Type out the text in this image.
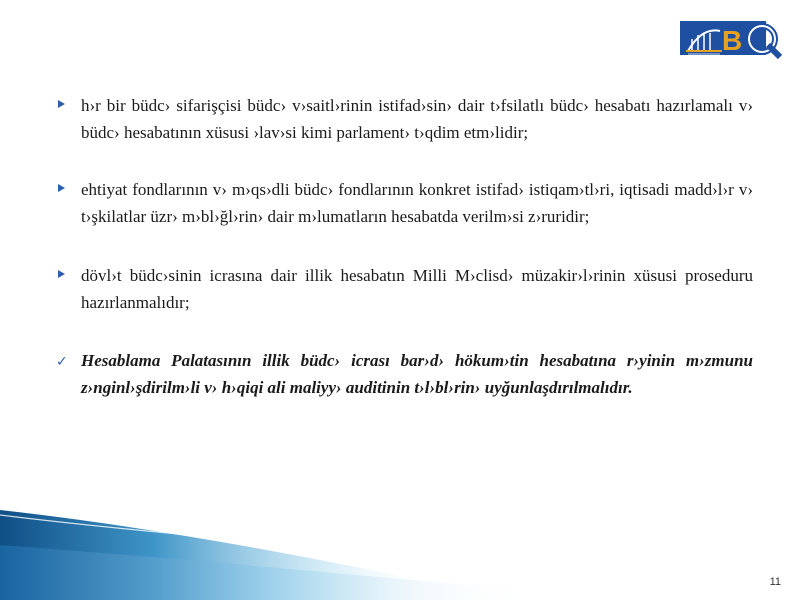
B
h›r bir büdc› sifarişçisi büdc› v›saitl›rinin istifad›sin› dair t›fsilatlı büdc› hesabatı hazırlamalı v› büdc› hesabatının xüsusi ›lav›si kimi parlament› t›qdim etm›lidir;
ehtiyat fondlarının v› m›qs›dli büdc› fondlarının konkret istifad› istiqam›tl›ri, iqtisadi madd›l›r v› t›şkilatlar üzr› m›bl›ğl›rin› dair m›lumatların hesabatda verilm›si z›ruridir;
dövl›t büdc›sinin icrasına dair illik hesabatın Milli M›clisd› müzakir›l›rinin xüsusi proseduru hazırlanmalıdır;
✓ Hesablama Palatasının illik büdc› icrası bar›d› hökum›tin hesabatına r›yinin m›zmunu z›nginl›şdirilm›li v› h›qiqi ali maliyy› auditinin t›l›bl›rin› uyğunlaşdırılmalıdır.
11
